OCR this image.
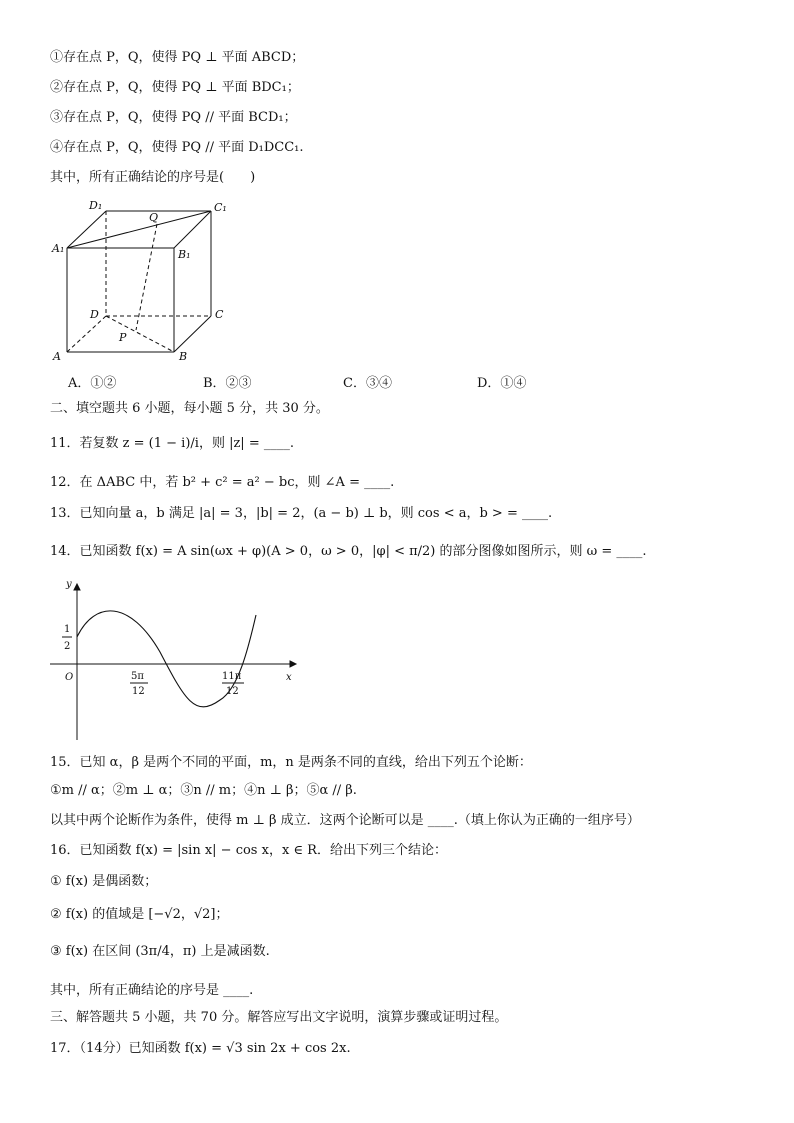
①存在点 P，Q，使得 PQ ⊥ 平面 ABCD；
②存在点 P，Q，使得 PQ ⊥ 平面 BDC₁；
③存在点 P，Q，使得 PQ // 平面 BCD₁；
④存在点 P，Q，使得 PQ // 平面 D₁DCC₁.
其中，所有正确结论的序号是(　　)
D₁	C₁
A₁	B₁
Q
D	C
P
A	B
A．①②	B．②③	C．③④	D．①④
二、填空题共 6 小题，每小题 5 分，共 30 分。
11．若复数 z = (1 − i)/i，则 |z| = ____.
12．在 ΔABC 中，若 b² + c² = a² − bc，则 ∠A = ____.
13．已知向量 a，b 满足 |a| = 3，|b| = 2，(a − b) ⊥ b，则 cos < a，b > = ____.
14．已知函数 f(x) = A sin(ωx + φ)(A > 0，ω > 0，|φ| < π/2) 的部分图像如图所示，则 ω = ____.
y
x
O
1
2
5π
12
11π
12
15．已知 α，β 是两个不同的平面，m，n 是两条不同的直线，给出下列五个论断：
①m // α；②m ⊥ α；③n // m；④n ⊥ β；⑤α // β.
以其中两个论断作为条件，使得 m ⊥ β 成立．这两个论断可以是 ____.（填上你认为正确的一组序号）
16．已知函数 f(x) = |sin x| − cos x，x ∈ R．给出下列三个结论：
① f(x) 是偶函数；
② f(x) 的值域是 [−√2，√2]；
③ f(x) 在区间 (3π/4，π) 上是减函数.
其中，所有正确结论的序号是 ____.
三、解答题共 5 小题，共 70 分。解答应写出文字说明，演算步骤或证明过程。
17．（14分）已知函数 f(x) = √3 sin 2x + cos 2x.
